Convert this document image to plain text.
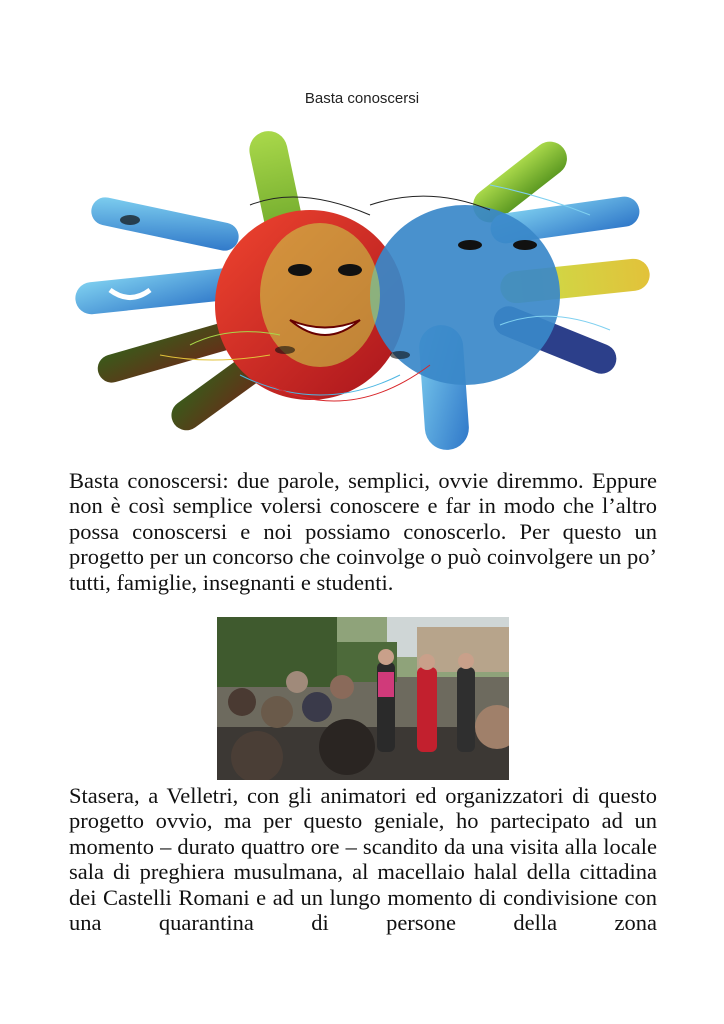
Basta conoscersi

Basta conoscersi: due parole, semplici, ovvie diremmo. Eppure non è così semplice volersi conoscere e far in modo che l’altro possa conoscersi e noi possiamo conoscerlo. Per questo un progetto per un concorso che coinvolge o può coinvolgere un po’ tutti, famiglie, insegnanti e studenti.

Stasera, a Velletri, con gli animatori ed organizzatori di questo progetto ovvio, ma per questo geniale, ho partecipato ad un momento – durato quattro ore – scandito da una visita alla locale sala di preghiera musulmana, al macellaio halal della cittadina dei Castelli Romani e ad un lungo momento di condivisione con una quarantina di persone della zona
